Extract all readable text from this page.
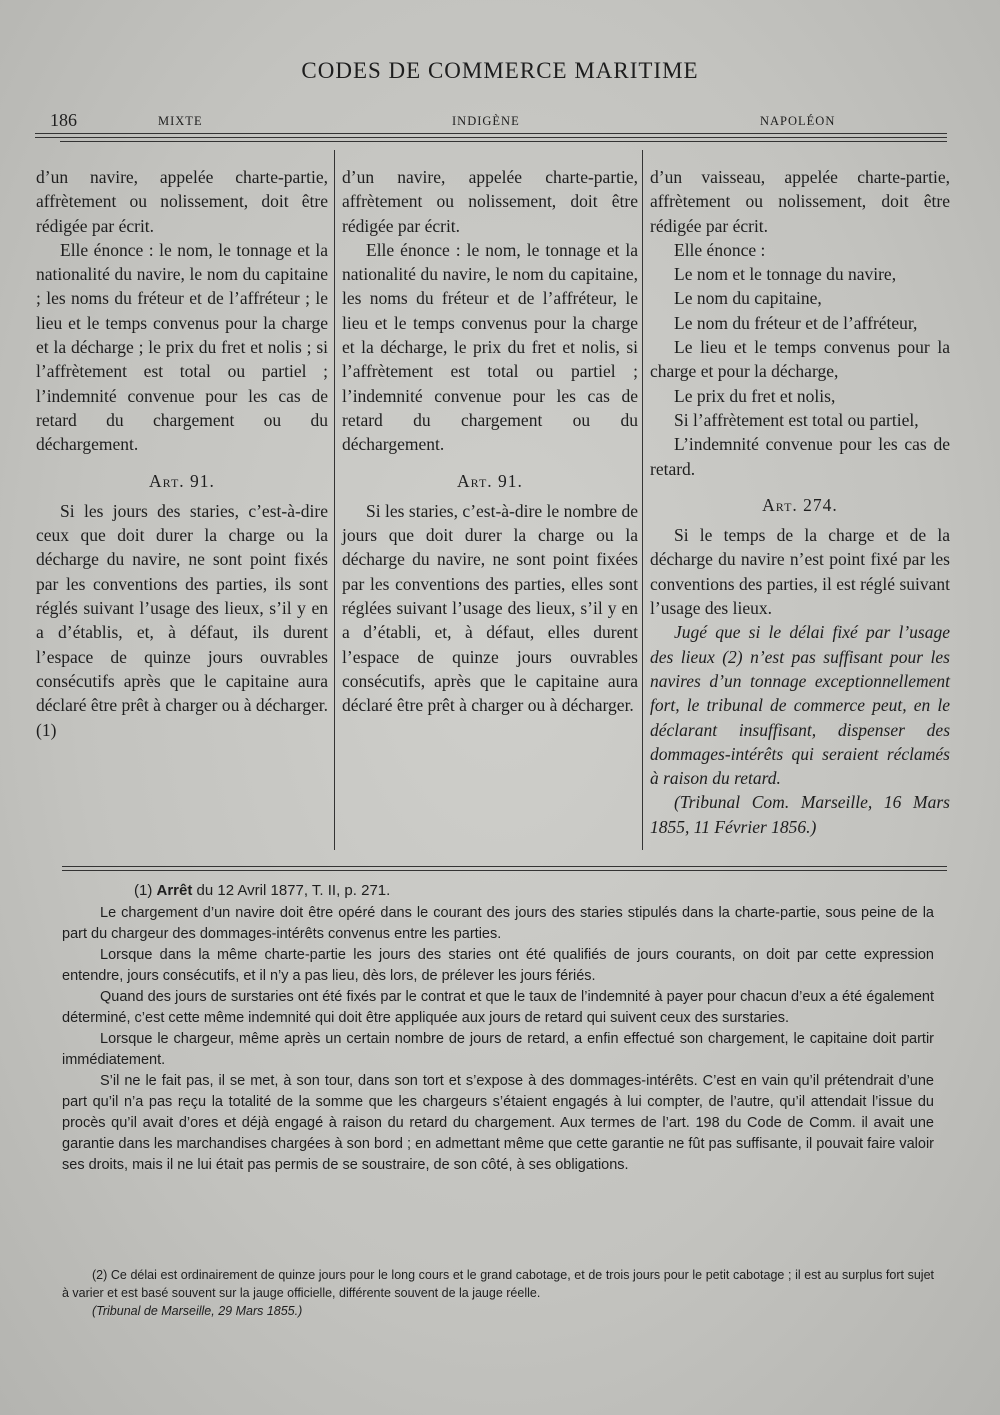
CODES DE COMMERCE MARITIME
186	MIXTE	INDIGÈNE	NAPOLÉON

d’un navire, appelée charte-partie, affrètement ou nolissement, doit être rédigée par écrit.

Elle énonce : le nom, le tonnage et la nationalité du navire, le nom du capitaine ; les noms du fréteur et de l’affréteur ; le lieu et le temps convenus pour la charge et la décharge ; le prix du fret et nolis ; si l’affrètement est total ou partiel ; l’indemnité convenue pour les cas de retard du chargement ou du déchargement.

Art. 91.

Si les jours des staries, c’est-à-dire ceux que doit durer la charge ou la décharge du navire, ne sont point fixés par les conventions des parties, ils sont réglés suivant l’usage des lieux, s’il y en a d’établis, et, à défaut, ils durent l’espace de quinze jours ouvrables consécutifs après que le capitaine aura déclaré être prêt à charger ou à décharger. (1)

d’un navire, appelée charte-partie, affrètement ou nolissement, doit être rédigée par écrit.

Elle énonce : le nom, le tonnage et la nationalité du navire, le nom du capitaine, les noms du fréteur et de l’affréteur, le lieu et le temps convenus pour la charge et la décharge, le prix du fret et nolis, si l’affrètement est total ou partiel ; l’indemnité convenue pour les cas de retard du chargement ou du déchargement.

Art. 91.

Si les staries, c’est-à-dire le nombre de jours que doit durer la charge ou la décharge du navire, ne sont point fixées par les conventions des parties, elles sont réglées suivant l’usage des lieux, s’il y en a d’établi, et, à défaut, elles durent l’espace de quinze jours ouvrables consécutifs, après que le capitaine aura déclaré être prêt à charger ou à décharger.

d’un vaisseau, appelée charte-partie, affrètement ou nolissement, doit être rédigée par écrit.

Elle énonce :

Le nom et le tonnage du navire,

Le nom du capitaine,

Le nom du fréteur et de l’affréteur,

Le lieu et le temps convenus pour la charge et pour la décharge,

Le prix du fret et nolis,

Si l’affrètement est total ou partiel,

L’indemnité convenue pour les cas de retard.

Art. 274.

Si le temps de la charge et de la décharge du navire n’est point fixé par les conventions des parties, il est réglé suivant l’usage des lieux.

Jugé que si le délai fixé par l’usage des lieux (2) n’est pas suffisant pour les navires d’un tonnage exceptionnellement fort, le tribunal de commerce peut, en le déclarant insuffisant, dispenser des dommages-intérêts qui seraient réclamés à raison du retard.

(Tribunal Com. Marseille, 16 Mars 1855, 11 Février 1856.)

(1) Arrêt du 12 Avril 1877, T. II, p. 271.

Le chargement d’un navire doit être opéré dans le courant des jours des staries stipulés dans la charte-partie, sous peine de la part du chargeur des dommages-intérêts convenus entre les parties.

Lorsque dans la même charte-partie les jours des staries ont été qualifiés de jours courants, on doit par cette expression entendre, jours consécutifs, et il n’y a pas lieu, dès lors, de prélever les jours fériés.

Quand des jours de surstaries ont été fixés par le contrat et que le taux de l’indemnité à payer pour chacun d’eux a été également déterminé, c’est cette même indemnité qui doit être appliquée aux jours de retard qui suivent ceux des surstaries.

Lorsque le chargeur, même après un certain nombre de jours de retard, a enfin effectué son chargement, le capitaine doit partir immédiatement.

S’il ne le fait pas, il se met, à son tour, dans son tort et s’expose à des dommages-intérêts. C’est en vain qu’il prétendrait d’une part qu’il n’a pas reçu la totalité de la somme que les chargeurs s’étaient engagés à lui compter, de l’autre, qu’il attendait l’issue du procès qu’il avait d’ores et déjà engagé à raison du retard du chargement. Aux termes de l’art. 198 du Code de Comm. il avait une garantie dans les marchandises chargées à son bord ; en admettant même que cette garantie ne fût pas suffisante, il pouvait faire valoir ses droits, mais il ne lui était pas permis de se soustraire, de son côté, à ses obligations.

(2) Ce délai est ordinairement de quinze jours pour le long cours et le grand cabotage, et de trois jours pour le petit cabotage ; il est au surplus fort sujet à varier et est basé souvent sur la jauge officielle, différente souvent de la jauge réelle.

(Tribunal de Marseille, 29 Mars 1855.)
